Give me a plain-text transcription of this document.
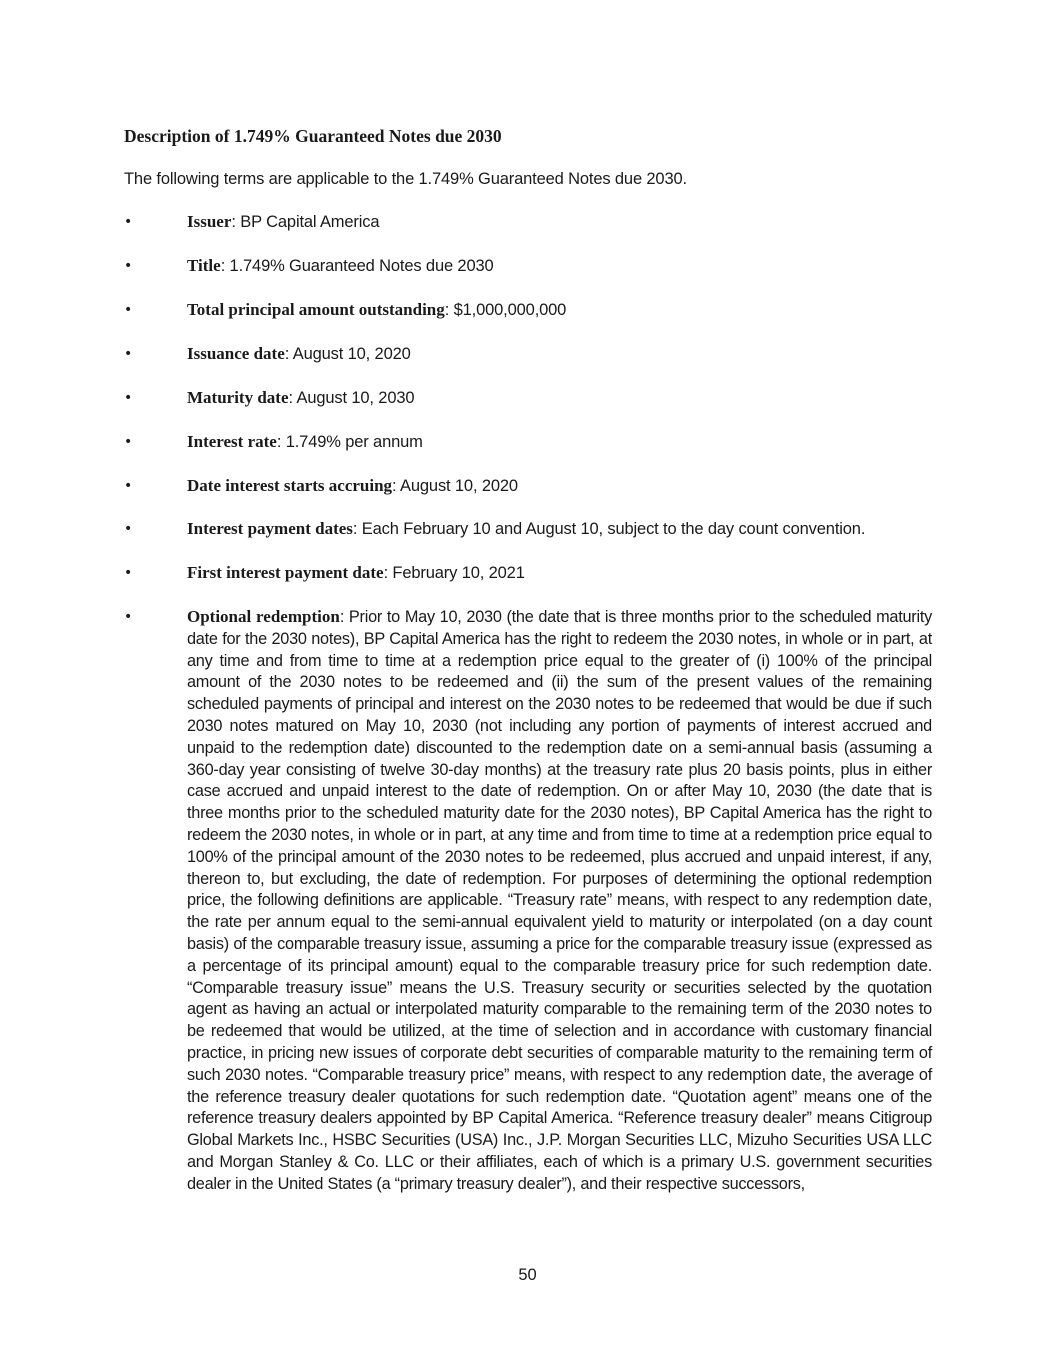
Description of 1.749% Guaranteed Notes due 2030

The following terms are applicable to the 1.749% Guaranteed Notes due 2030.

•	Issuer: BP Capital America

•	Title: 1.749% Guaranteed Notes due 2030

•	Total principal amount outstanding: $1,000,000,000

•	Issuance date: August 10, 2020

•	Maturity date: August 10, 2030

•	Interest rate: 1.749% per annum

•	Date interest starts accruing: August 10, 2020

•	Interest payment dates: Each February 10 and August 10, subject to the day count convention.

•	First interest payment date: February 10, 2021

•	Optional redemption: Prior to May 10, 2030 (the date that is three months prior to the scheduled maturity date for the 2030 notes), BP Capital America has the right to redeem the 2030 notes, in whole or in part, at any time and from time to time at a redemption price equal to the greater of (i) 100% of the principal amount of the 2030 notes to be redeemed and (ii) the sum of the present values of the remaining scheduled payments of principal and interest on the 2030 notes to be redeemed that would be due if such 2030 notes matured on May 10, 2030 (not including any portion of payments of interest accrued and unpaid to the redemption date) discounted to the redemption date on a semi-annual basis (assuming a 360-day year consisting of twelve 30-day months) at the treasury rate plus 20 basis points, plus in either case accrued and unpaid interest to the date of redemption. On or after May 10, 2030 (the date that is three months prior to the scheduled maturity date for the 2030 notes), BP Capital America has the right to redeem the 2030 notes, in whole or in part, at any time and from time to time at a redemption price equal to 100% of the principal amount of the 2030 notes to be redeemed, plus accrued and unpaid interest, if any, thereon to, but excluding, the date of redemption. For purposes of determining the optional redemption price, the following definitions are applicable. “Treasury rate” means, with respect to any redemption date, the rate per annum equal to the semi-annual equivalent yield to maturity or interpolated (on a day count basis) of the comparable treasury issue, assuming a price for the comparable treasury issue (expressed as a percentage of its principal amount) equal to the comparable treasury price for such redemption date. “Comparable treasury issue” means the U.S. Treasury security or securities selected by the quotation agent as having an actual or interpolated maturity comparable to the remaining term of the 2030 notes to be redeemed that would be utilized, at the time of selection and in accordance with customary financial practice, in pricing new issues of corporate debt securities of comparable maturity to the remaining term of such 2030 notes. “Comparable treasury price” means, with respect to any redemption date, the average of the reference treasury dealer quotations for such redemption date. “Quotation agent” means one of the reference treasury dealers appointed by BP Capital America. “Reference treasury dealer” means Citigroup Global Markets Inc., HSBC Securities (USA) Inc., J.P. Morgan Securities LLC, Mizuho Securities USA LLC and Morgan Stanley & Co. LLC or their affiliates, each of which is a primary U.S. government securities dealer in the United States (a “primary treasury dealer”), and their respective successors,

50
